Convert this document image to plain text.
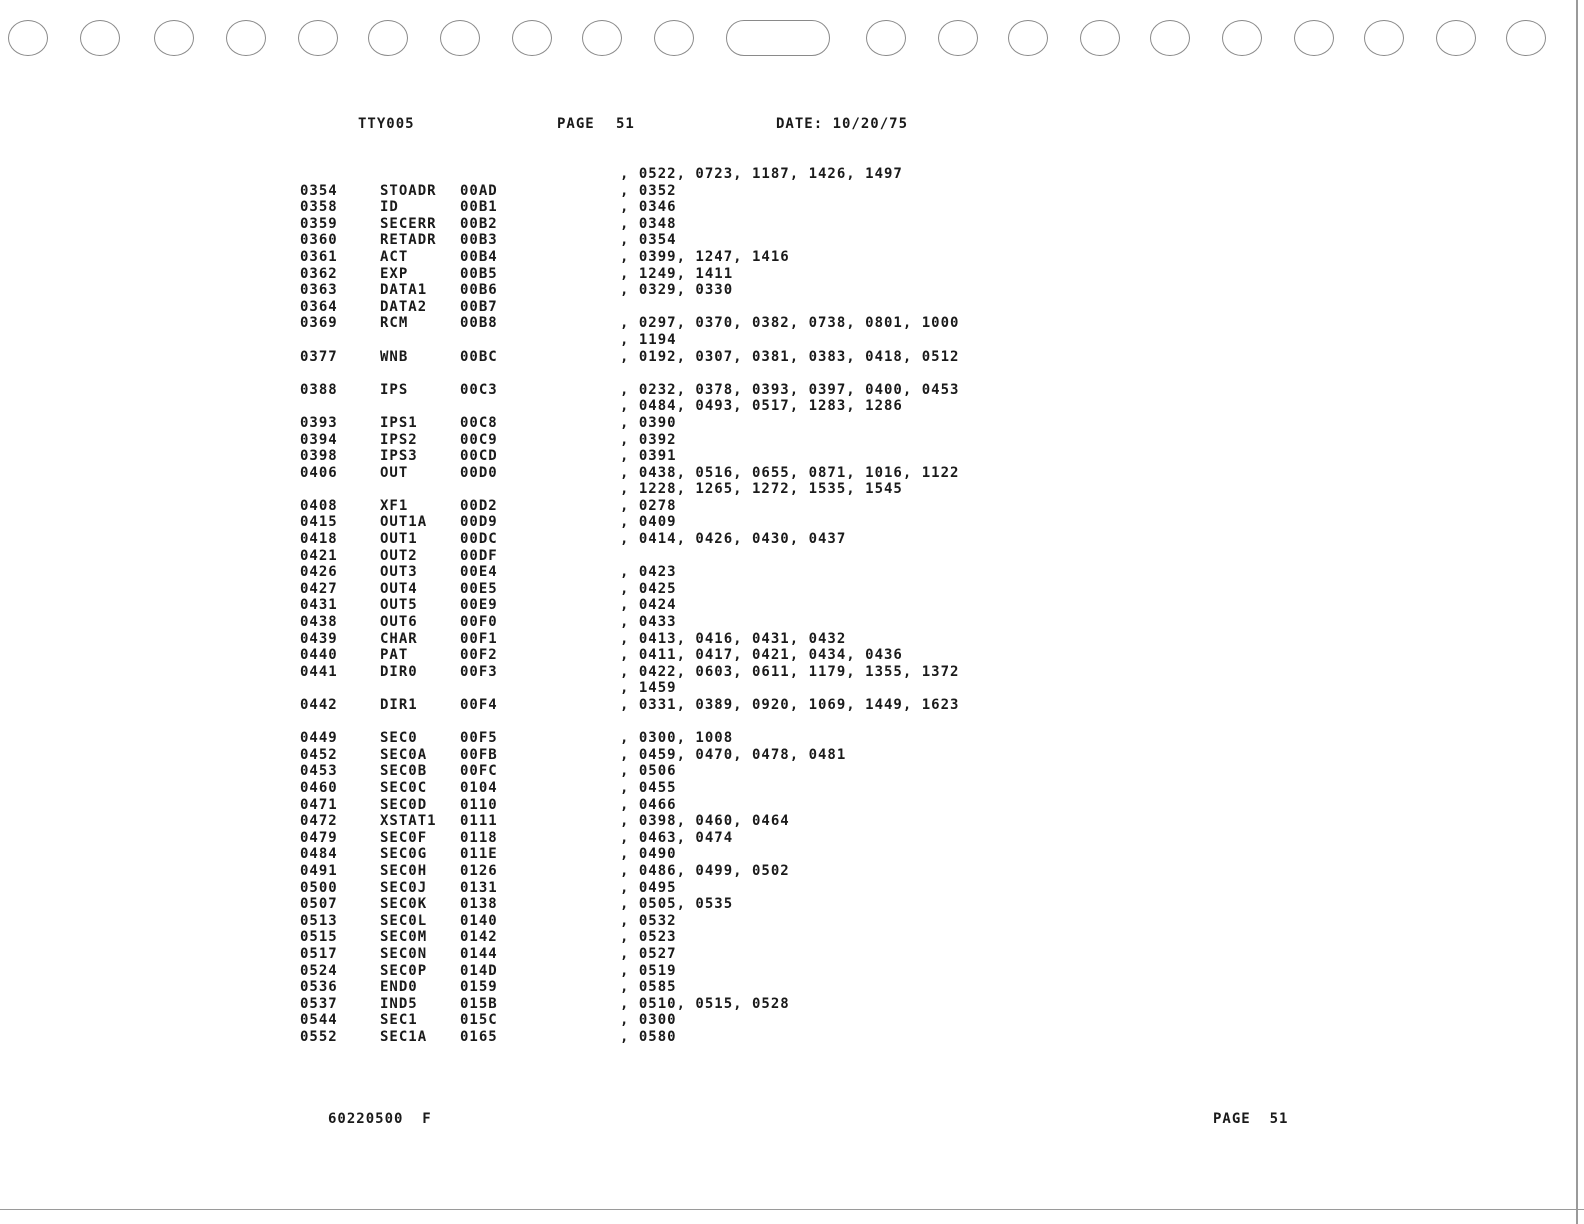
TTY005	PAGE 51	DATE: 10/20/75
, 0522, 0723, 1187, 1426, 1497
0354	STOADR 00AD	, 0352
0358	ID	00B1	, 0346
0359	SECERR 00B2	, 0348
0360	RETADR 00B3	, 0354
0361	ACT	00B4	, 0399, 1247, 1416
0362	EXP	00B5	, 1249, 1411
0363	DATA1 00B6	, 0329, 0330
0364	DATA2 00B7
0369	RCM	00B8	, 0297, 0370, 0382, 0738, 0801, 1000
, 1194
0377	WNB	00BC	, 0192, 0307, 0381, 0383, 0418, 0512
0388	IPS	00C3	, 0232, 0378, 0393, 0397, 0400, 0453
, 0484, 0493, 0517, 1283, 1286
0393	IPS1	00C8	, 0390
0394	IPS2	00C9	, 0392
0398	IPS3	00CD	, 0391
0406	OUT	00D0	, 0438, 0516, 0655, 0871, 1016, 1122
, 1228, 1265, 1272, 1535, 1545
0408	XF1	00D2	, 0278
0415	OUT1A 00D9	, 0409
0418	OUT1	00DC	, 0414, 0426, 0430, 0437
0421	OUT2	00DF
0426	OUT3	00E4	, 0423
0427	OUT4	00E5	, 0425
0431	OUT5	00E9	, 0424
0438	OUT6	00F0	, 0433
0439	CHAR	00F1	, 0413, 0416, 0431, 0432
0440	PAT	00F2	, 0411, 0417, 0421, 0434, 0436
0441	DIR0	00F3	, 0422, 0603, 0611, 1179, 1355, 1372
, 1459
0442	DIR1	00F4	, 0331, 0389, 0920, 1069, 1449, 1623
0449	SEC0	00F5	, 0300, 1008
0452	SEC0A 00FB	, 0459, 0470, 0478, 0481
0453	SEC0B 00FC	, 0506
0460	SEC0C 0104	, 0455
0471	SEC0D 0110	, 0466
0472	XSTAT1 0111	, 0398, 0460, 0464
0479	SEC0F 0118	, 0463, 0474
0484	SEC0G 011E	, 0490
0491	SEC0H 0126	, 0486, 0499, 0502
0500	SEC0J 0131	, 0495
0507	SEC0K 0138	, 0505, 0535
0513	SEC0L 0140	, 0532
0515	SEC0M 0142	, 0523
0517	SEC0N 0144	, 0527
0524	SEC0P 014D	, 0519
0536	END0	0159	, 0585
0537	IND5	015B	, 0510, 0515, 0528
0544	SEC1	015C	, 0300
0552	SEC1A 0165	, 0580
60220500  F	PAGE  51
